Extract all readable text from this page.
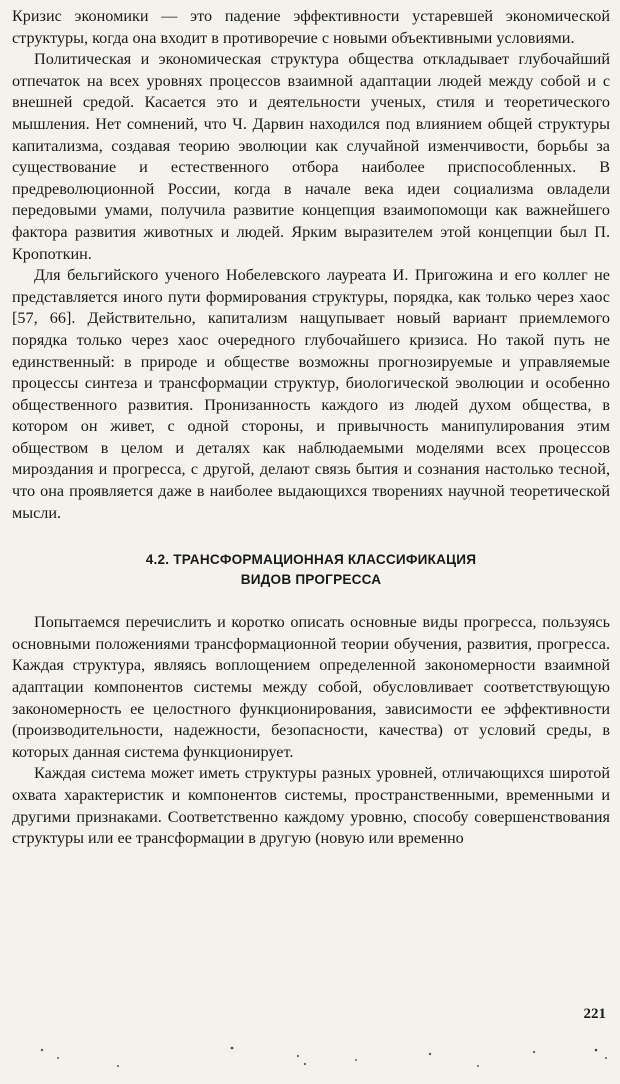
Кризис экономики — это падение эффективности устаревшей экономической структуры, когда она входит в противоречие с новыми объективными условиями.

Политическая и экономическая структура общества откладывает глубочайший отпечаток на всех уровнях процессов взаимной адаптации людей между собой и с внешней средой. Касается это и деятельности ученых, стиля и теоретического мышления. Нет сомнений, что Ч. Дарвин находился под влиянием общей структуры капитализма, создавая теорию эволюции как случайной изменчивости, борьбы за существование и естественного отбора наиболее приспособленных. В предреволюционной России, когда в начале века идеи социализма овладели передовыми умами, получила развитие концепция взаимопомощи как важнейшего фактора развития животных и людей. Ярким выразителем этой концепции был П. Кропоткин.

Для бельгийского ученого Нобелевского лауреата И. Пригожина и его коллег не представляется иного пути формирования структуры, порядка, как только через хаос [57, 66]. Действительно, капитализм нащупывает новый вариант приемлемого порядка только через хаос очередного глубочайшего кризиса. Но такой путь не единственный: в природе и обществе возможны прогнозируемые и управляемые процессы синтеза и трансформации структур, биологической эволюции и особенно общественного развития. Пронизанность каждого из людей духом общества, в котором он живет, с одной стороны, и привычность манипулирования этим обществом в целом и деталях как наблюдаемыми моделями всех процессов мироздания и прогресса, с другой, делают связь бытия и сознания настолько тесной, что она проявляется даже в наиболее выдающихся творениях научной теоретической мысли.

4.2. ТРАНСФОРМАЦИОННАЯ КЛАССИФИКАЦИЯ
ВИДОВ ПРОГРЕССА

Попытаемся перечислить и коротко описать основные виды прогресса, пользуясь основными положениями трансформационной теории обучения, развития, прогресса. Каждая структура, являясь воплощением определенной закономерности взаимной адаптации компонентов системы между собой, обусловливает соответствующую закономерность ее целостного функционирования, зависимости ее эффективности (производительности, надежности, безопасности, качества) от условий среды, в которых данная система функционирует.

Каждая система может иметь структуры разных уровней, отличающихся широтой охвата характеристик и компонентов системы, пространственными, временными и другими признаками. Соответственно каждому уровню, способу совершенствования структуры или ее трансформации в другую (новую или временно

221
